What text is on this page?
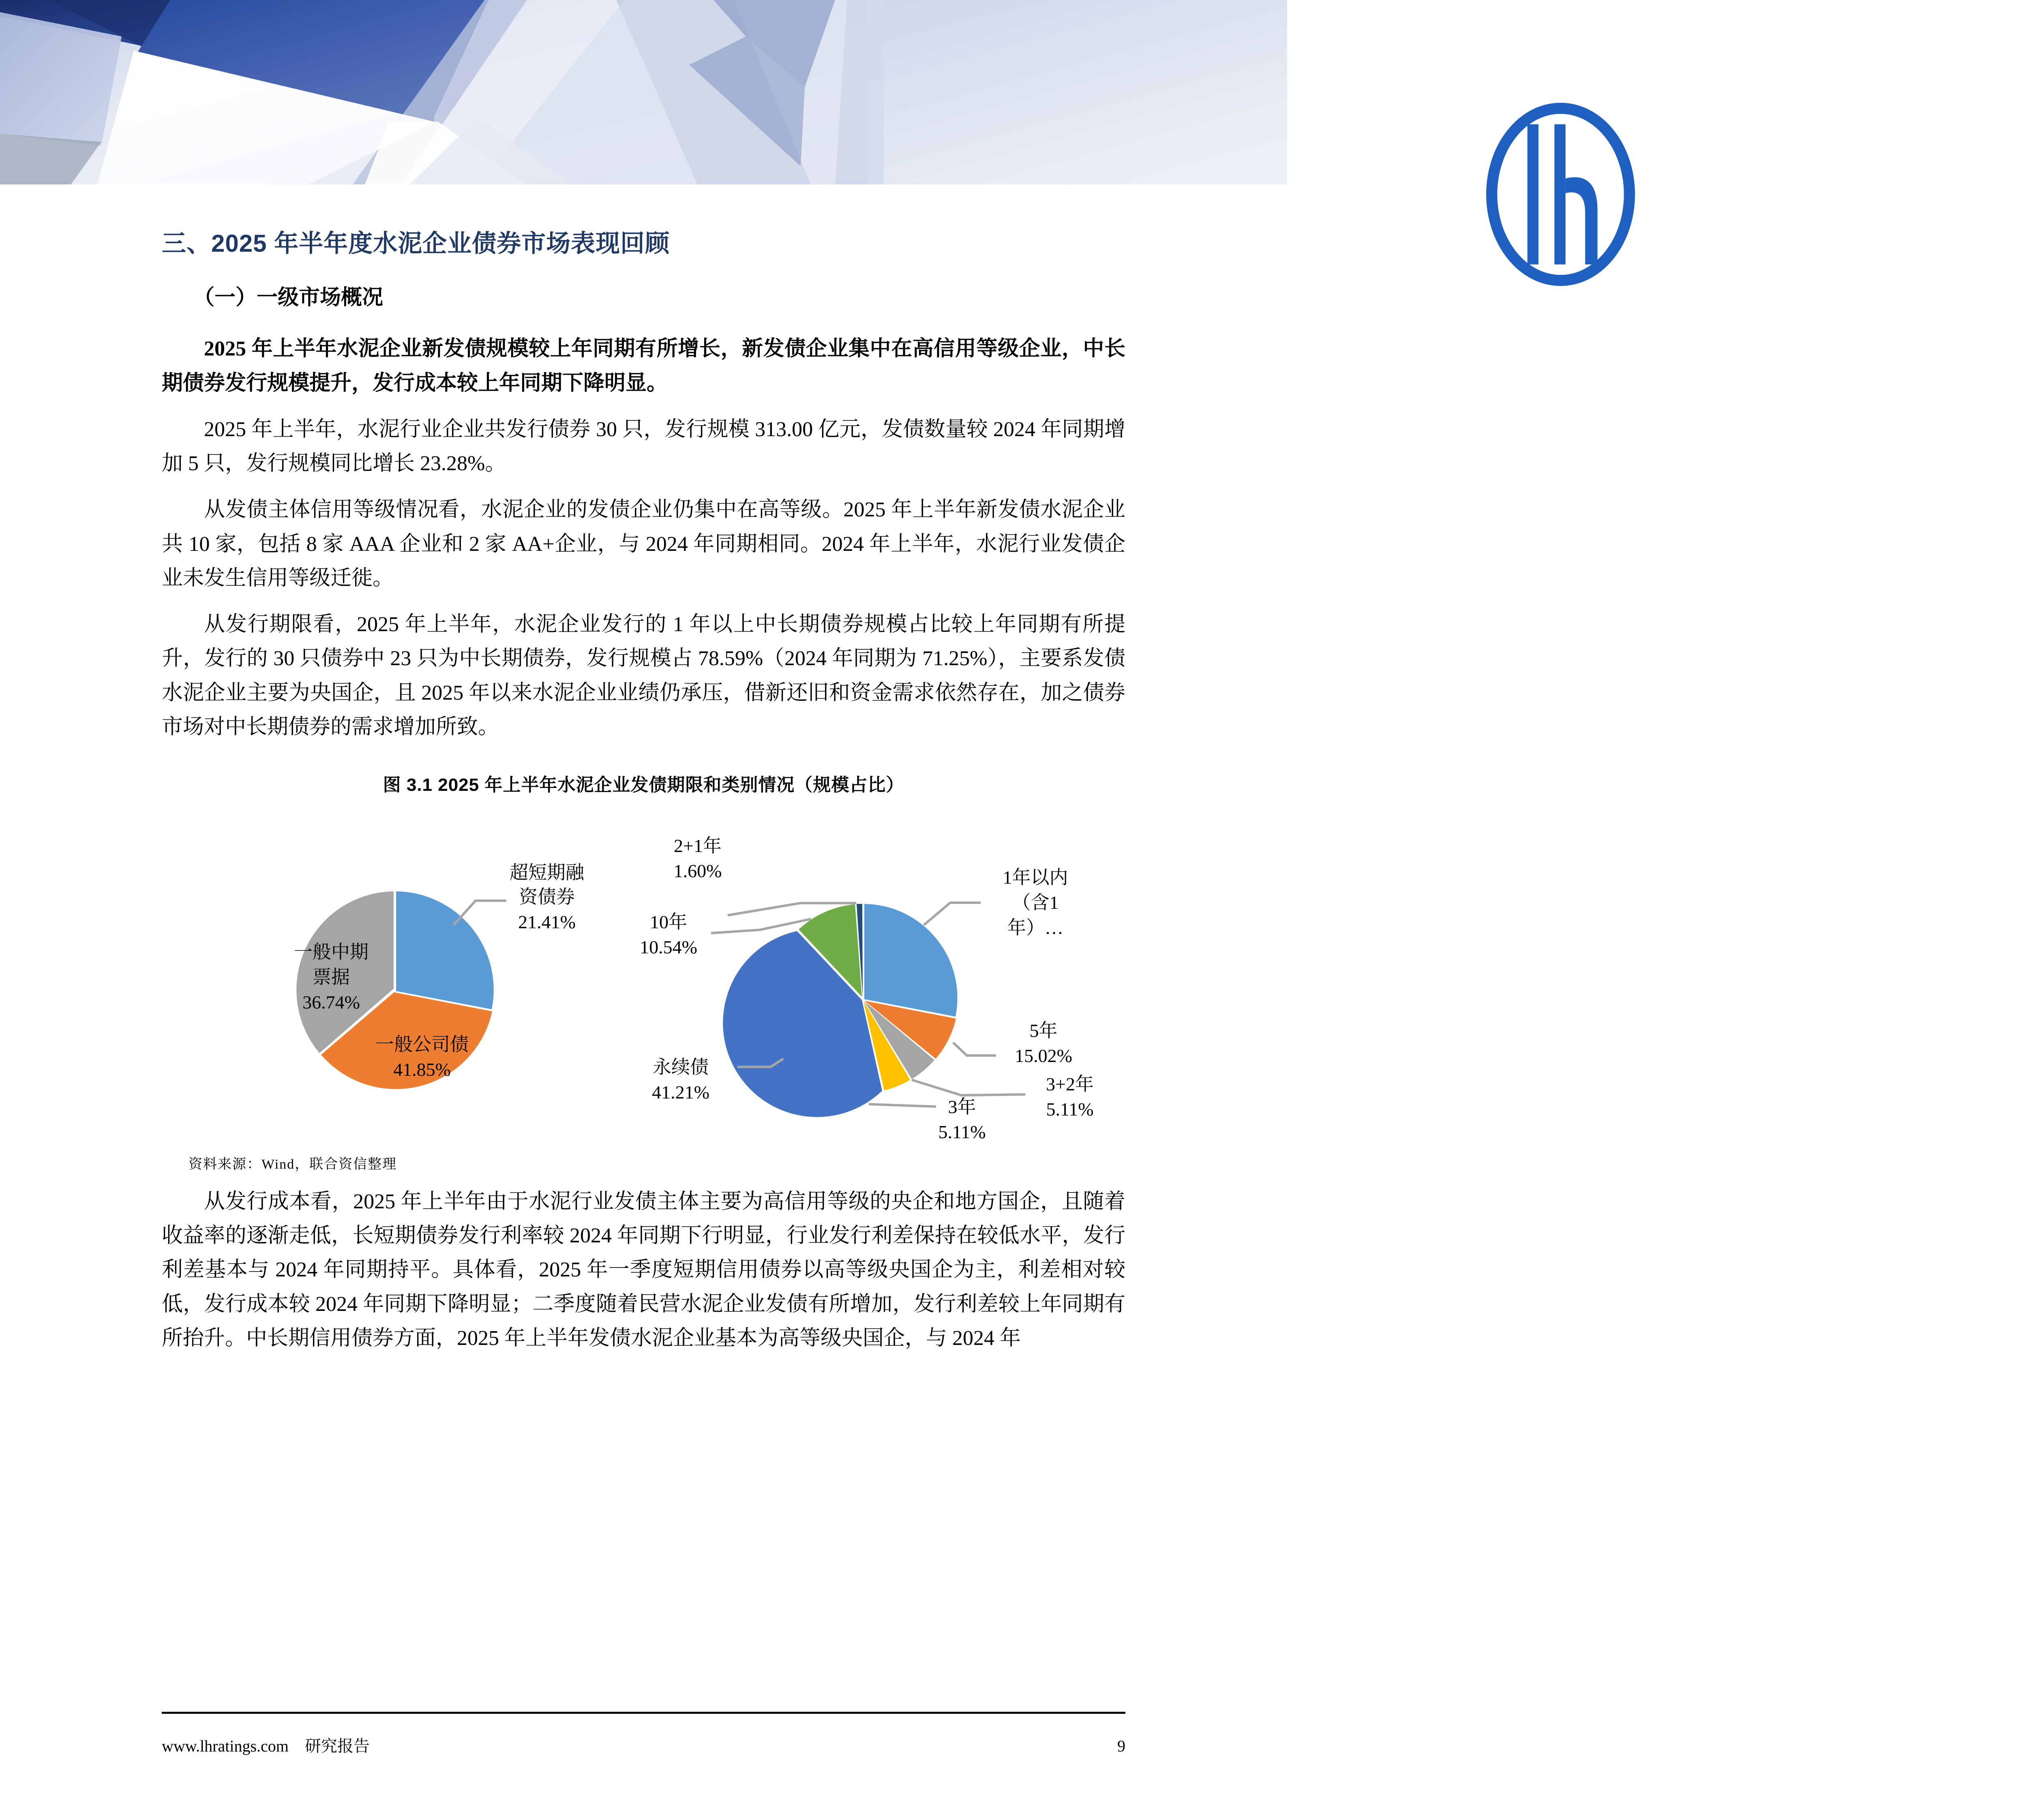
三、2025 年半年度水泥企业债券市场表现回顾
（一）一级市场概况

2025 年上半年水泥企业新发债规模较上年同期有所增长，新发债企业集中在高信用等级企业，中长期债券发行规模提升，发行成本较上年同期下降明显。

2025 年上半年，水泥行业企业共发行债券 30 只，发行规模 313.00 亿元，发债数量较 2024 年同期增加 5 只，发行规模同比增长 23.28%。

从发债主体信用等级情况看，水泥企业的发债企业仍集中在高等级。2025 年上半年新发债水泥企业共 10 家，包括 8 家 AAA 企业和 2 家 AA+企业，与 2024 年同期相同。2024 年上半年，水泥行业发债企业未发生信用等级迁徙。

从发行期限看，2025 年上半年，水泥企业发行的 1 年以上中长期债券规模占比较上年同期有所提升，发行的 30 只债券中 23 只为中长期债券，发行规模占 78.59%（2024 年同期为 71.25%），主要系发债水泥企业主要为央国企，且 2025 年以来水泥企业业绩仍承压，借新还旧和资金需求依然存在，加之债券市场对中长期债券的需求增加所致。

图 3.1 2025 年上半年水泥企业发债期限和类别情况（规模占比）
超短期融
资债券
21.41%
一般公司债
41.85%
一般中期
票据
36.74%
2+1年
1.60%
10年
10.54%
1年以内
（含1
年）…
5年
15.02%
3+2年
5.11%
3年
5.11%
永续债
41.21%
资料来源：Wind，联合资信整理

从发行成本看，2025 年上半年由于水泥行业发债主体主要为高信用等级的央企和地方国企，且随着收益率的逐渐走低，长短期债券发行利率较 2024 年同期下行明显，行业发行利差保持在较低水平，发行利差基本与 2024 年同期持平。具体看，2025 年一季度短期信用债券以高等级央国企为主，利差相对较低，发行成本较 2024 年同期下降明显；二季度随着民营水泥企业发债有所增加，发行利差较上年同期有所抬升。中长期信用债券方面，2025 年上半年发债水泥企业基本为高等级央国企，与 2024 年

www.lhratings.com 研究报告	9
